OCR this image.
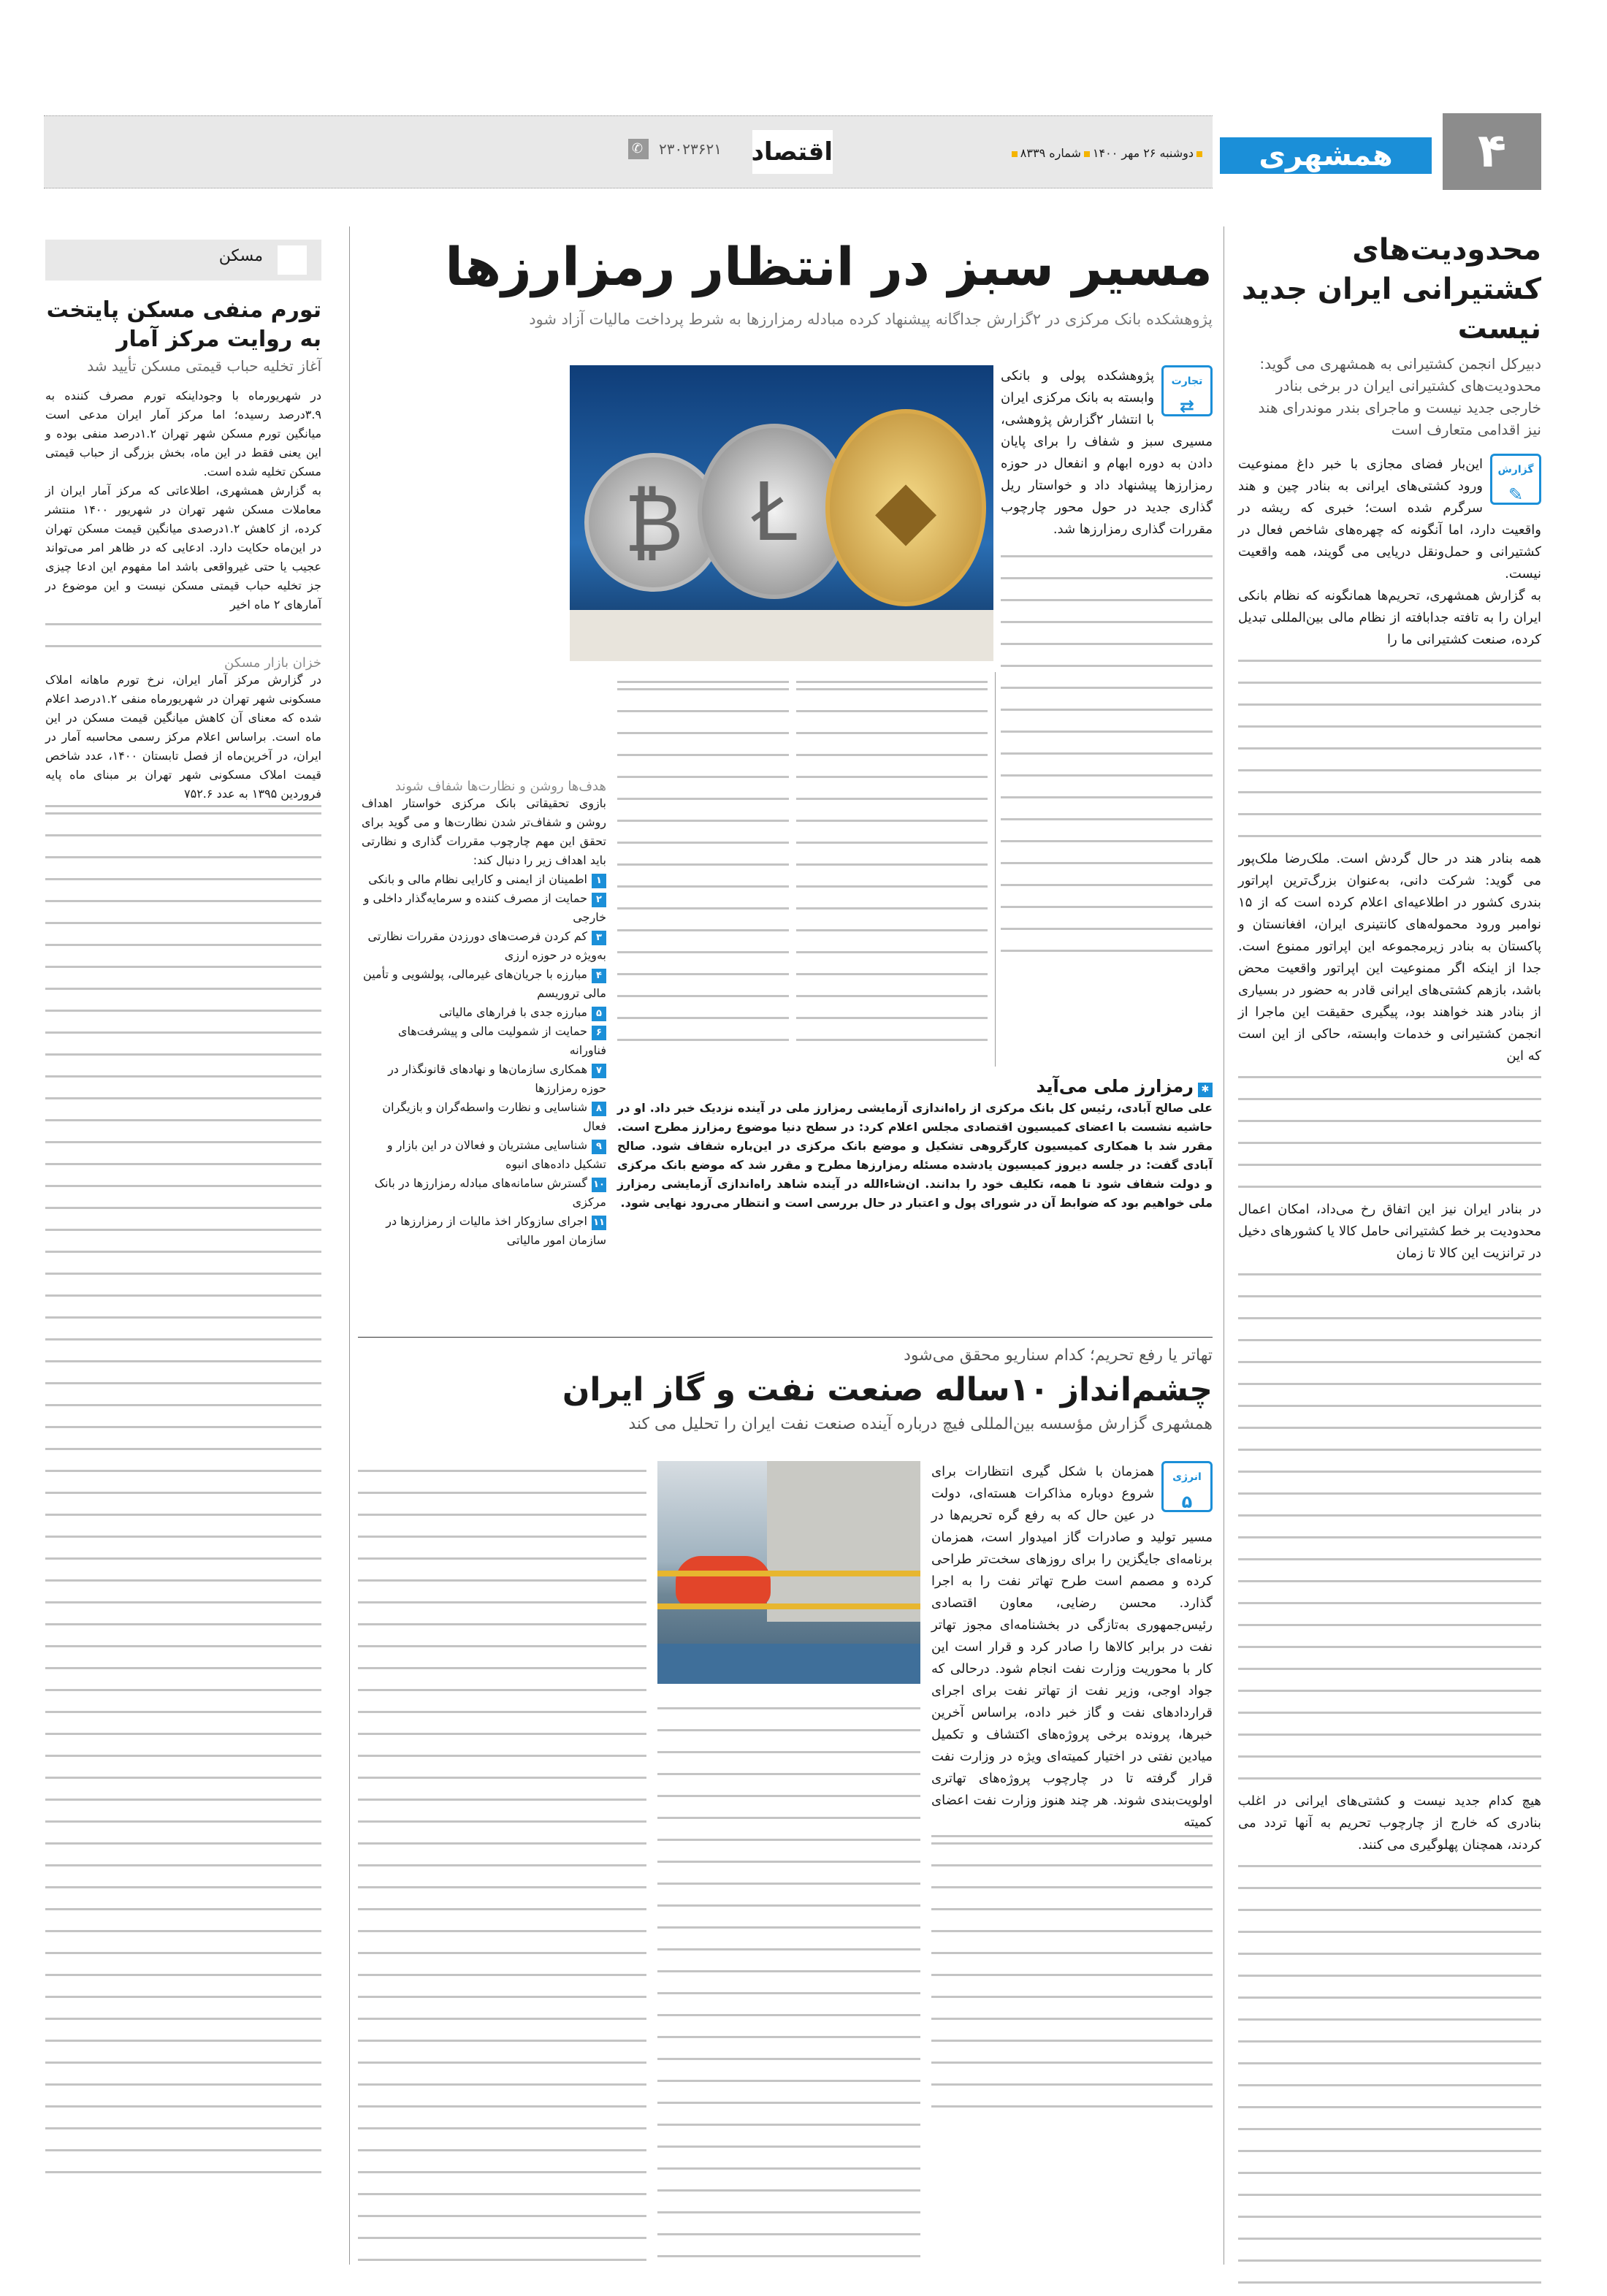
اقتصاد
✆ ۲۳۰۲۳۶۲۱	دوشنبه ۲۶ مهر ۱۴۰۰شماره ۸۳۳۹	همشهری	۴
محدودیت‌های کشتیرانی ایران جدید نیست
دبیرکل انجمن کشتیرانی به همشهری می گوید: محدودیت‌های کشتیرانی ایران در برخی بنادر خارجی جدید نیست و ماجرای بندر موندرای هند نیز اقدامی متعارف است
گزارش
✎
این‌بار فضای مجازی با خبر داغ ممنوعیت ورود کشتی‌های ایرانی به بنادر چین و هند سرگرم شده است؛ خبری که ریشه در واقعیت دارد، اما آنگونه که چهره‌های شاخص فعال در کشتیرانی و حمل‌ونقل دریایی می گویند، همه واقعیت نیست.
به گزارش همشهری، تحریم‌ها همانگونه که نظام بانکی ایران را به تافته جدابافته از نظام مالی بین‌المللی تبدیل کرده، صنعت کشتیرانی ما را
همه بنادر هند در حال گردش است. ملک‌رضا ملک‌پور می گوید: شرکت دانی، به‌عنوان بزرگ‌ترین اپراتور بندری کشور در اطلاعیه‌ای اعلام کرده است که از ۱۵ نوامبر ورود محموله‌های کانتینری ایران، افغانستان و پاکستان به بنادر زیرمجموعه این اپراتور ممنوع است. جدا از اینکه اگر ممنوعیت این اپراتور واقعیت محض باشد، بازهم کشتی‌های ایرانی قادر به حضور در بسیاری از بنادر هند خواهند بود، پیگیری حقیقت این ماجرا از انجمن کشتیرانی و خدمات وابسته، حاکی از این است که این
در بنادر ایران نیز این اتفاق رخ می‌داد، امکان اعمال محدودیت بر خط کشتیرانی حامل کالا یا کشورهای دخیل در ترانزیت این کالا تا زمان
هیچ کدام جدید نیست و کشتی‌های ایرانی در اغلب بنادری که خارج از چارچوب تحریم به آنها تردد می کردند، همچنان پهلوگیری می کنند.
مسیر سبز در انتظار رمزارزها
پژوهشکده بانک مرکزی در ۲گزارش جداگانه پیشنهاد کرده مبادله رمزارزها به شرط پرداخت مالیات آزاد شود
₿ Ł ◆
تجارت
⇄
پژوهشکده پولی و بانکی وابسته به بانک مرکزی ایران با انتشار ۲گزارش پژوهشی، مسیری سبز و شفاف را برای پایان دادن به دوره ابهام و انفعال در حوزه رمزارزها پیشنهاد داد و خواستار ریل گذاری جدید در حول محور چارچوب مقررات گذاری رمزارزها شد.
هدف‌ها روشن و نظارت‌ها شفاف شوند
بازوی تحقیقاتی بانک مرکزی خواستار اهداف روشن و شفاف‌تر شدن نظارت‌ها و می گوید برای تحقق این مهم چارچوب مقررات گذاری و نظارتی باید اهداف زیر را دنبال کند:
۱اطمینان از ایمنی و کارایی نظام مالی و بانکی
۲حمایت از مصرف کننده و سرمایه‌گذار داخلی و خارجی
۳کم کردن فرصت‌های دورزدن مقررات نظارتی به‌ویژه در حوزه ارزی
۴مبارزه با جریان‌های غیرمالی، پولشویی و تأمین مالی تروریسم
۵مبارزه جدی با فرارهای مالیاتی
۶حمایت از شمولیت مالی و پیشرفت‌های فناورانه
۷همکاری سازمان‌ها و نهادهای قانونگذار در حوزه رمزارزها
۸شناسایی و نظارت واسطه‌گران و بازیگران فعال
۹شناسایی مشتریان و فعالان در این بازار و تشکیل داده‌های انبوه
۱۰گسترش سامانه‌های مبادله رمزارزها در بانک مرکزی
۱۱اجرای سازوکار اخذ مالیات از رمزارزها در سازمان امور مالیاتی
✱رمزارز ملی می‌آید
علی صالح آبادی، رئیس کل بانک مرکزی از راه‌اندازی آزمایشی رمزارز ملی در آینده نزدیک خبر داد. او در حاشیه نشست با اعضای کمیسیون اقتصادی مجلس اعلام کرد: در سطح دنیا موضوع رمزارز مطرح است. مقرر شد با همکاری کمیسیون کارگروهی تشکیل و موضع بانک مرکزی در این‌باره شفاف شود. صالح آبادی گفت: در جلسه دیروز کمیسیون یادشده مسئله رمزارزها مطرح و مقرر شد که موضع بانک مرکزی و دولت شفاف شود تا همه، تکلیف خود را بدانند. ان‌شاءالله در آینده شاهد راه‌اندازی آزمایشی رمزارز ملی خواهیم بود که ضوابط آن در شورای پول و اعتبار در حال بررسی است و انتظار می‌رود نهایی شود.
تهاتر یا رفع تحریم؛ کدام سناریو محقق می‌شود
چشم‌انداز ۱۰ساله صنعت نفت و گاز ایران
همشهری گزارش مؤسسه بین‌المللی فیچ درباره آینده صنعت نفت ایران را تحلیل می کند
انرژی
۵
همزمان با شکل گیری انتظارات برای شروع دوباره مذاکرات هسته‌ای، دولت در عین حال که به رفع گره تحریم‌ها در مسیر تولید و صادرات گاز امیدوار است، همزمان برنامه‌ای جایگزین را برای روزهای سخت‌تر طراحی کرده و مصمم است طرح تهاتر نفت را به اجرا گذارد. محسن رضایی، معاون اقتصادی رئیس‌جمهوری به‌تازگی در بخشنامه‌ای مجوز تهاتر نفت در برابر کالاها را صادر کرد و قرار است این کار با محوریت وزارت نفت انجام شود. درحالی که جواد اوجی، وزیر نفت از تهاتر نفت برای اجرای قراردادهای نفت و گاز خبر داده، براساس آخرین خبرها، پرونده برخی پروژه‌های اکتشاف و تکمیل میادین نفتی در اختیار کمیته‌ای ویژه در وزارت نفت قرار گرفته تا در چارچوب پروژه‌های تهاتری اولویت‌بندی شوند. هر چند هنوز وزارت نفت اعضای کمیته
مسکن
تورم منفی مسکن پایتخت به روایت مرکز آمار
آغاز تخلیه حباب قیمتی مسکن تأیید شد
در شهریورماه با وجوداینکه تورم مصرف کننده به ۳.۹درصد رسیده؛ اما مرکز آمار ایران مدعی است میانگین تورم مسکن شهر تهران ۱.۲درصد منفی بوده و این یعنی فقط در این ماه، بخش بزرگی از حباب قیمتی مسکن تخلیه شده است.
به گزارش همشهری، اطلاعاتی که مرکز آمار ایران از معاملات مسکن شهر تهران در شهریور ۱۴۰۰ منتشر کرده، از کاهش ۱.۲درصدی میانگین قیمت مسکن تهران در این‌ماه حکایت دارد. ادعایی که در ظاهر امر می‌تواند عجیب یا حتی غیرواقعی باشد اما مفهوم این ادعا چیزی جز تخلیه حباب قیمتی مسکن نیست و این موضوع در آمارهای ۲ ماه اخیر
خزان بازار مسکن
در گزارش مرکز آمار ایران، نرخ تورم ماهانه املاک مسکونی شهر تهران در شهریورماه منفی ۱.۲درصد اعلام شده که معنای آن کاهش میانگین قیمت مسکن در این ماه است. براساس اعلام مرکز رسمی محاسبه آمار در ایران، در آخرین‌ماه از فصل تابستان ۱۴۰۰، عدد شاخص قیمت املاک مسکونی شهر تهران بر مبنای ماه پایه فروردین ۱۳۹۵ به عدد ۷۵۲.۶
